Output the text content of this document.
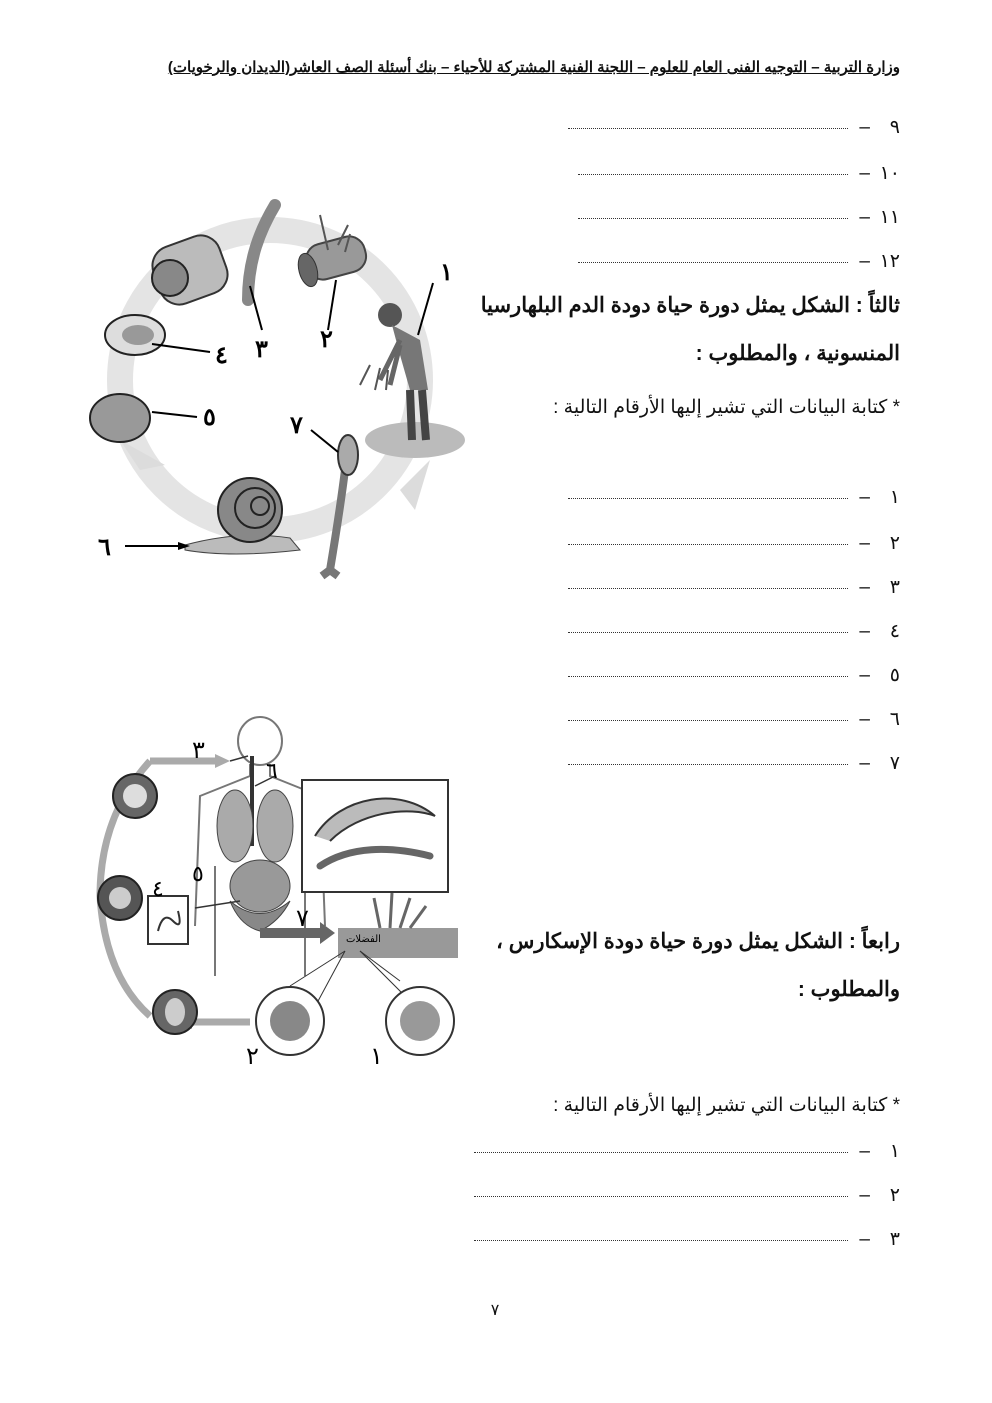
وزارة التربية – التوجيه الفنى العام للعلوم – اللجنة الفنية المشتركة للأحياء – بنك أسئلة الصف العاشر(الديدان والرخويات)
٩–
١٠–
١١–
١٢–
ثالثاً : الشكل يمثل دورة حياة دودة الدم البلهارسيا
المنسونية ، والمطلوب :
* كتابة البيانات التي تشير إليها الأرقام التالية :
١–
٢–
٣–
٤–
٥–
٦–
٧–
رابعاً : الشكل يمثل دورة حياة دودة الإسكارس ،
والمطلوب :
* كتابة البيانات التي تشير إليها الأرقام التالية :
١–
٢–
٣–
١
٢
٣
٤
٥
٦
٧
الفضلات
٣
٦
٥
٤
٧
٢	١
٧
